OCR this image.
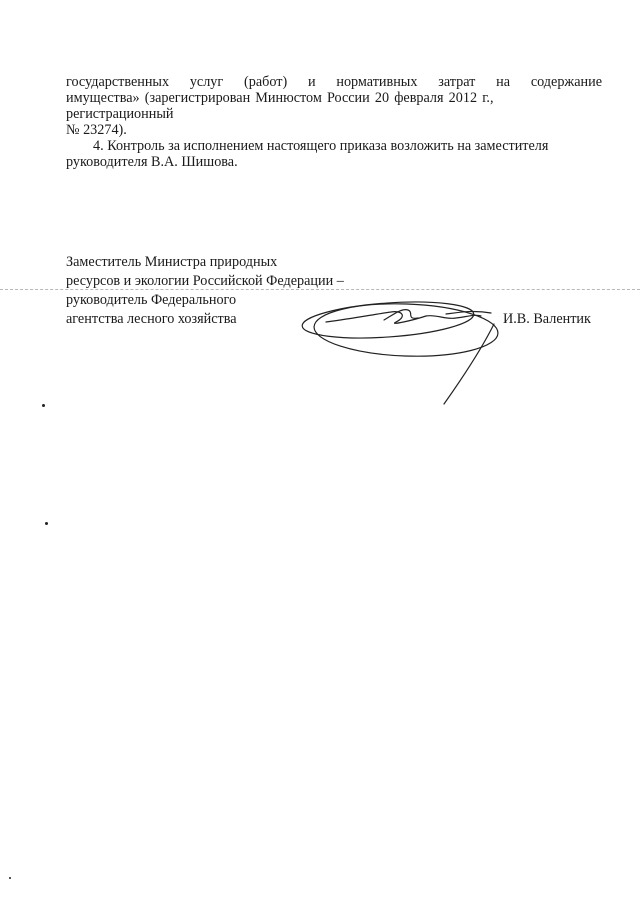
государственных услуг (работ) и нормативных затрат на содержание
имущества» (зарегистрирован Минюстом России 20 февраля 2012 г.,
регистрационный
№ 23274).
4. Контроль за исполнением настоящего приказа возложить на заместителя
руководителя В.А. Шишова.
Заместитель Министра природных
ресурсов и экологии Российской Федерации –
руководитель Федерального
агентства лесного хозяйства	И.В. Валентик
